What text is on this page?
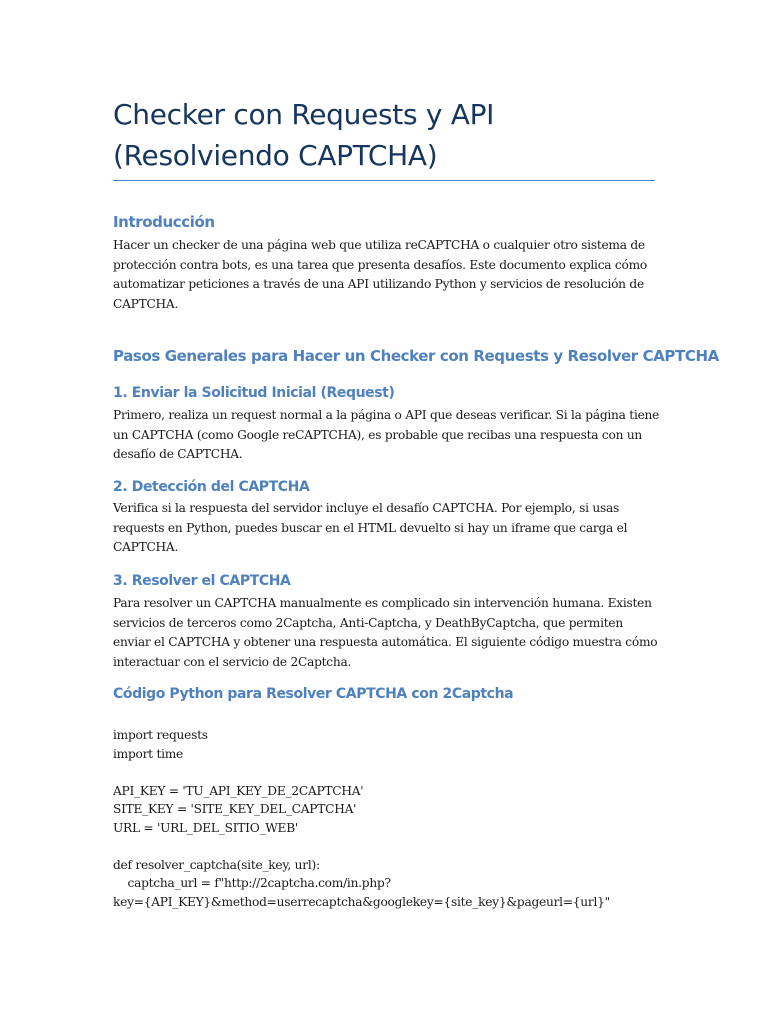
Checker con Requests y API
(Resolviendo CAPTCHA)
Introducción

Hacer un checker de una página web que utiliza reCAPTCHA o cualquier otro sistema de protección contra bots, es una tarea que presenta desafíos. Este documento explica cómo automatizar peticiones a través de una API utilizando Python y servicios de resolución de CAPTCHA.

Pasos Generales para Hacer un Checker con Requests y Resolver CAPTCHA
1. Enviar la Solicitud Inicial (Request)

Primero, realiza un request normal a la página o API que deseas verificar. Si la página tiene un CAPTCHA (como Google reCAPTCHA), es probable que recibas una respuesta con un desafío de CAPTCHA.

2. Detección del CAPTCHA

Verifica si la respuesta del servidor incluye el desafío CAPTCHA. Por ejemplo, si usas requests en Python, puedes buscar en el HTML devuelto si hay un iframe que carga el CAPTCHA.

3. Resolver el CAPTCHA

Para resolver un CAPTCHA manualmente es complicado sin intervención humana. Existen servicios de terceros como 2Captcha, Anti-Captcha, y DeathByCaptcha, que permiten enviar el CAPTCHA y obtener una respuesta automática. El siguiente código muestra cómo interactuar con el servicio de 2Captcha.

Código Python para Resolver CAPTCHA con 2Captcha
import requests
import time
API_KEY = 'TU_API_KEY_DE_2CAPTCHA'
SITE_KEY = 'SITE_KEY_DEL_CAPTCHA'
URL = 'URL_DEL_SITIO_WEB'
def resolver_captcha(site_key, url):
captcha_url = f"http://2captcha.com/in.php?
key={API_KEY}&method=userrecaptcha&googlekey={site_key}&pageurl={url}"
